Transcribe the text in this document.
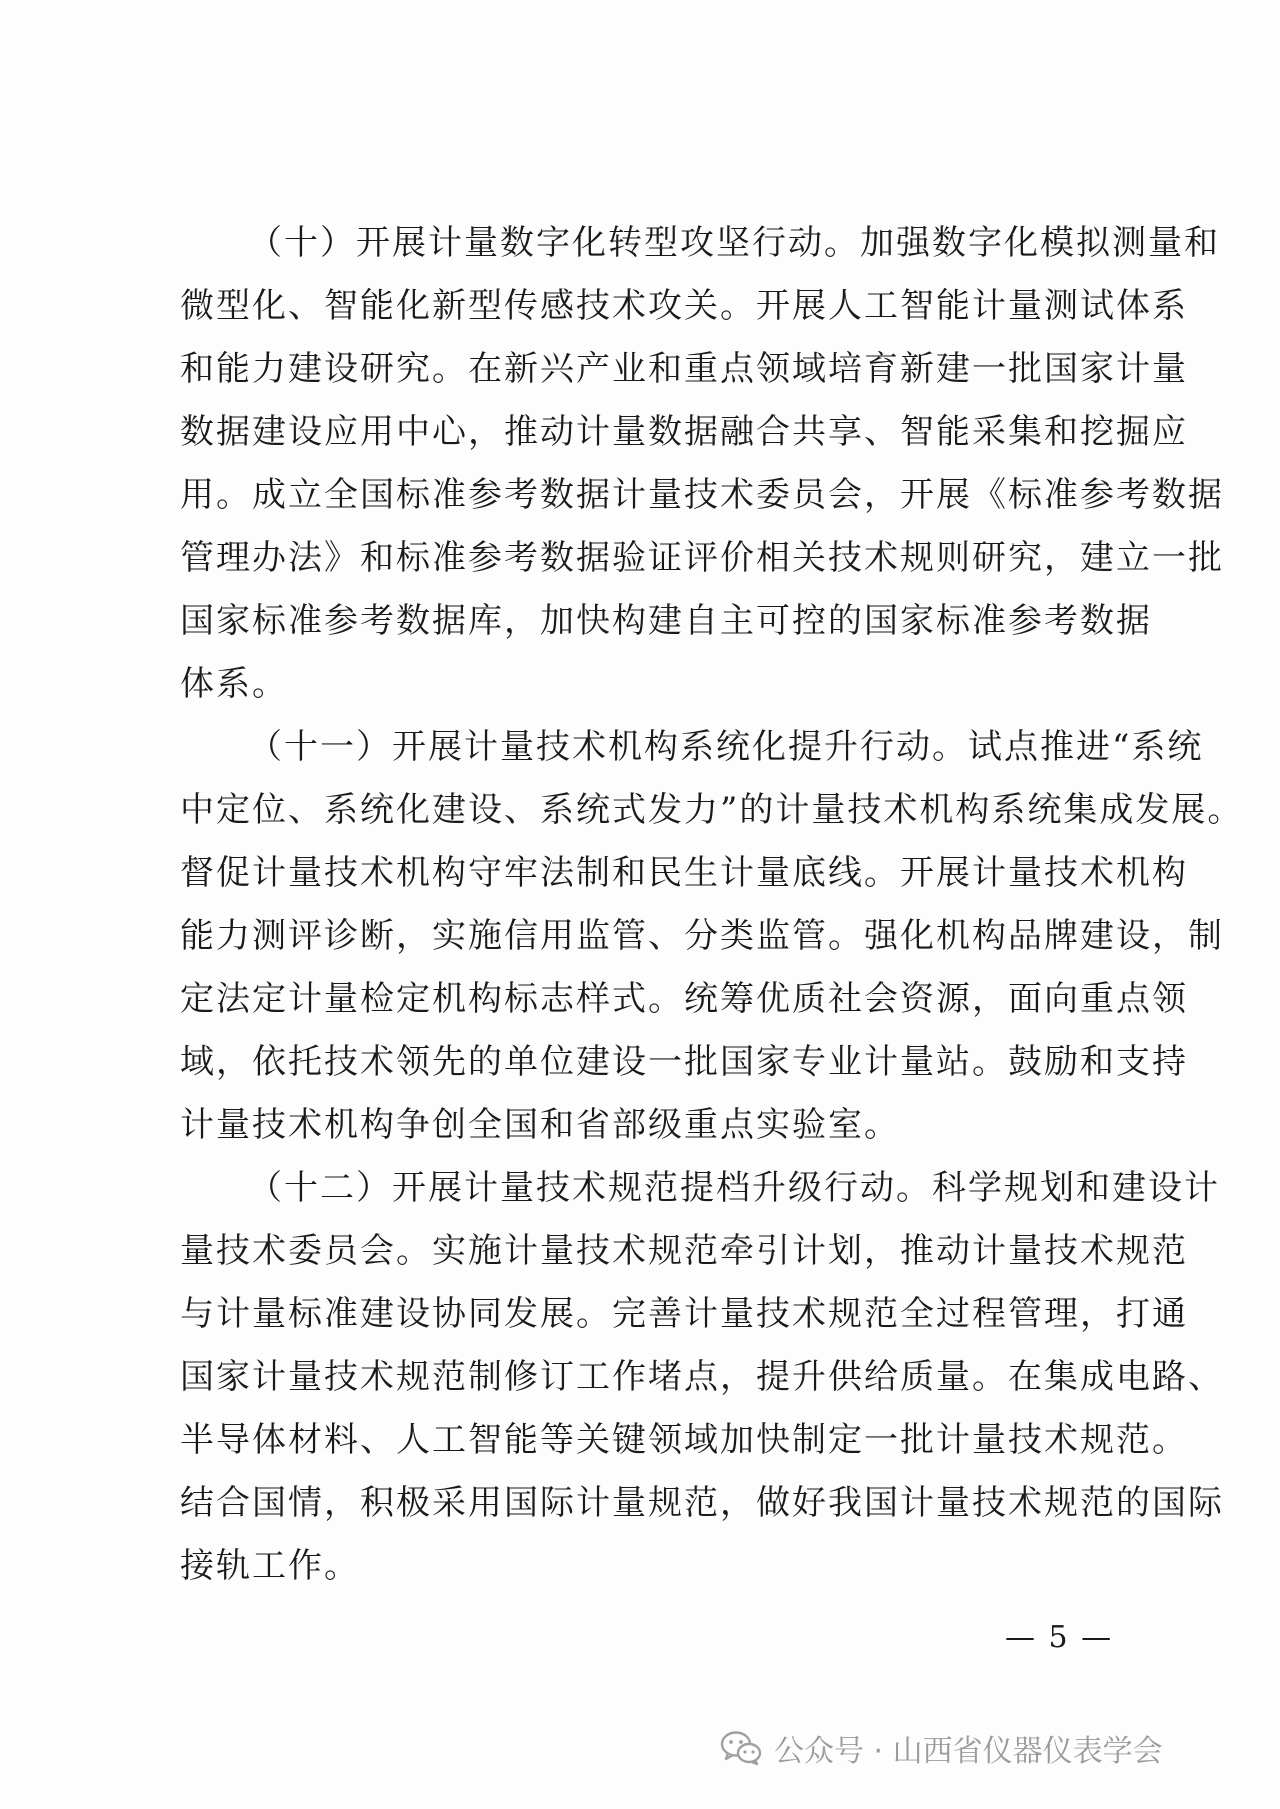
（十）开展计量数字化转型攻坚行动。加强数字化模拟测量和
微型化、智能化新型传感技术攻关。开展人工智能计量测试体系
和能力建设研究。在新兴产业和重点领域培育新建一批国家计量
数据建设应用中心，推动计量数据融合共享、智能采集和挖掘应
用。成立全国标准参考数据计量技术委员会，开展《标准参考数据
管理办法》和标准参考数据验证评价相关技术规则研究，建立一批
国家标准参考数据库，加快构建自主可控的国家标准参考数据
体系。
（十一）开展计量技术机构系统化提升行动。试点推进“系统
中定位、系统化建设、系统式发力”的计量技术机构系统集成发展。
督促计量技术机构守牢法制和民生计量底线。开展计量技术机构
能力测评诊断，实施信用监管、分类监管。强化机构品牌建设，制
定法定计量检定机构标志样式。统筹优质社会资源，面向重点领
域，依托技术领先的单位建设一批国家专业计量站。鼓励和支持
计量技术机构争创全国和省部级重点实验室。
（十二）开展计量技术规范提档升级行动。科学规划和建设计
量技术委员会。实施计量技术规范牵引计划，推动计量技术规范
与计量标准建设协同发展。完善计量技术规范全过程管理，打通
国家计量技术规范制修订工作堵点，提升供给质量。在集成电路、
半导体材料、人工智能等关键领域加快制定一批计量技术规范。
结合国情，积极采用国际计量规范，做好我国计量技术规范的国际
接轨工作。
— 5 —
公众号 · 山西省仪器仪表学会
